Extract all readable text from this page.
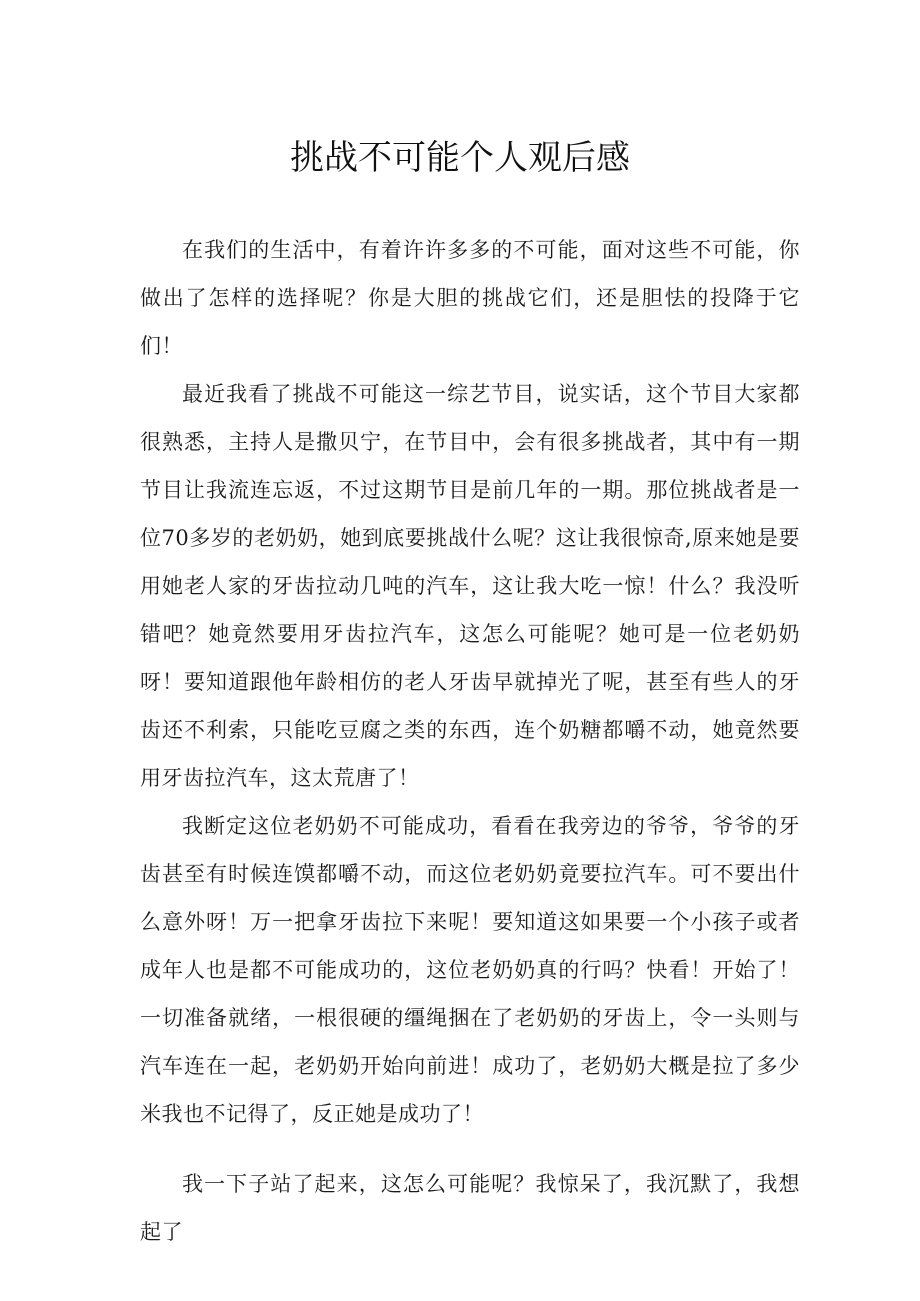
挑战不可能个人观后感

在我们的生活中，有着许许多多的不可能，面对这些不可能，你做出了怎样的选择呢？你是大胆的挑战它们，还是胆怯的投降于它们！

最近我看了挑战不可能这一综艺节目，说实话，这个节目大家都很熟悉，主持人是撒贝宁，在节目中，会有很多挑战者，其中有一期节目让我流连忘返，不过这期节目是前几年的一期。那位挑战者是一位70多岁的老奶奶，她到底要挑战什么呢？这让我很惊奇,原来她是要用她老人家的牙齿拉动几吨的汽车，这让我大吃一惊！什么？我没听错吧？她竟然要用牙齿拉汽车，这怎么可能呢？她可是一位老奶奶呀！要知道跟他年龄相仿的老人牙齿早就掉光了呢，甚至有些人的牙齿还不利索，只能吃豆腐之类的东西，连个奶糖都嚼不动，她竟然要用牙齿拉汽车，这太荒唐了！

我断定这位老奶奶不可能成功，看看在我旁边的爷爷，爷爷的牙齿甚至有时候连馍都嚼不动，而这位老奶奶竟要拉汽车。可不要出什么意外呀！万一把拿牙齿拉下来呢！要知道这如果要一个小孩子或者成年人也是都不可能成功的，这位老奶奶真的行吗？快看！开始了！一切准备就绪，一根很硬的缰绳捆在了老奶奶的牙齿上，令一头则与汽车连在一起，老奶奶开始向前进！成功了，老奶奶大概是拉了多少米我也不记得了，反正她是成功了！

我一下子站了起来，这怎么可能呢？我惊呆了，我沉默了，我想起了
